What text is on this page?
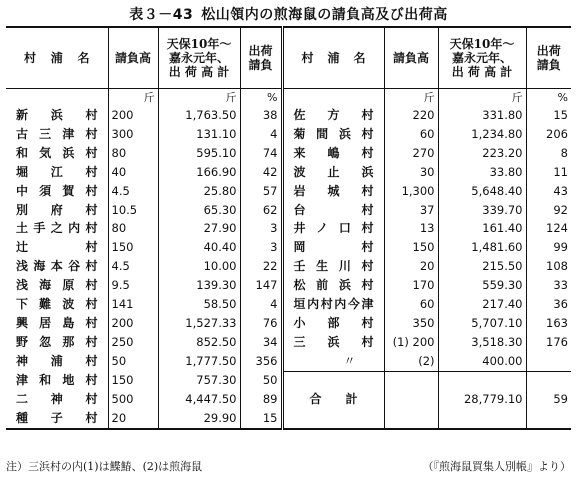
表３－43 松山領内の煎海鼠の請負高及び出荷高
村 浦 名	請負高	天保10年～
嘉永元年、
出 荷 高 計	出荷
請負	村 浦 名	請負高	天保10年～
嘉永元年、
出 荷 高 計	出荷
請負
	斤	斤	%		斤	斤	%
新浜村	200	1,763.50	38	佐方村	220	331.80	15
古三津村	300	131.10	4	菊間浜村	60	1,234.80	206
和気浜村	80	595.10	74	来嶋村	270	223.20	8
堀江村	40	166.90	42	波止浜	30	33.80	11
中須賀村	4.5	25.80	57	岩城村	1,300	5,648.40	43
別府村	10.5	65.30	62	台村	37	339.70	92
土手之内村	80	27.90	3	井ノ口村	13	161.40	124
辻村	150	40.40	3	岡村	150	1,481.60	99
浅海本谷村	4.5	10.00	22	壬生川村	20	215.50	108
浅海原村	9.5	139.30	147	松前浜村	170	559.30	33
下難波村	141	58.50	4	垣内村内今津	60	217.40	36
興居島村	200	1,527.33	76	小部村	350	5,707.10	163
野忽那村	250	852.50	34	三浜村	(1) 200	3,518.30	176
神浦村	50	1,777.50	356	〃	(2)	400.00	
津和地村	150	757.30	50	合　　計		28,779.10	59
二神村	500	4,447.50	89				
種子村	20	29.90	15				
注）三浜村の内(1)は鰈鰆、(2)は煎海鼠	（『煎海鼠買集人別帳』より）
